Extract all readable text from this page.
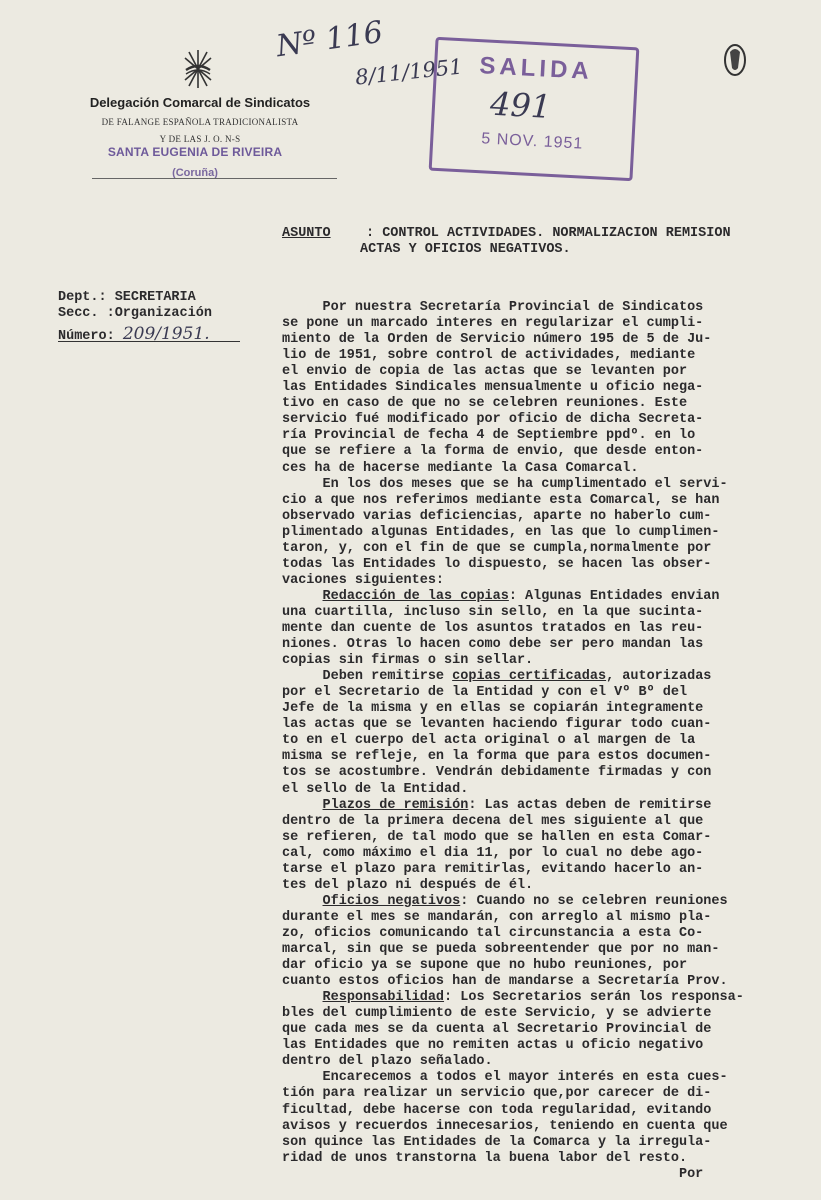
Delegación Comarcal de Sindicatos
DE FALANGE ESPAÑOLA TRADICIONALISTA
Y DE LAS J. O. N-S
SANTA EUGENIA DE RIVEIRA
(Coruña)
Nº 116
8/11/1951 SALIDA
491
5 NOV. 1951
ASUNTO	: CONTROL ACTIVIDADES. NORMALIZACION REMISION
ACTAS Y OFICIOS NEGATIVOS.
Dept.: SECRETARIA
Secc. :Organización
Número: 209/1951.
Por nuestra Secretaría Provincial de Sindicatos
se pone un marcado interes en regularizar el cumpli-
miento de la Orden de Servicio número 195 de 5 de Ju-
lio de 1951, sobre control de actividades, mediante
el envio de copia de las actas que se levanten por
las Entidades Sindicales mensualmente u oficio nega-
tivo en caso de que no se celebren reuniones. Este
servicio fué modificado por oficio de dicha Secreta-
ría Provincial de fecha 4 de Septiembre ppdº. en lo
que se refiere a la forma de envio, que desde enton-
ces ha de hacerse mediante la Casa Comarcal.
En los dos meses que se ha cumplimentado el servi-
cio a que nos referimos mediante esta Comarcal, se han
observado varias deficiencias, aparte no haberlo cum-
plimentado algunas Entidades, en las que lo cumplimen-
taron, y, con el fin de que se cumpla,normalmente por
todas las Entidades lo dispuesto, se hacen las obser-
vaciones siguientes:
Redacción de las copias: Algunas Entidades envian
una cuartilla, incluso sin sello, en la que sucinta-
mente dan cuente de los asuntos tratados en las reu-
niones. Otras lo hacen como debe ser pero mandan las
copias sin firmas o sin sellar.
Deben remitirse copias certificadas, autorizadas
por el Secretario de la Entidad y con el Vº Bº del
Jefe de la misma y en ellas se copiarán integramente
las actas que se levanten haciendo figurar todo cuan-
to en el cuerpo del acta original o al margen de la
misma se refleje, en la forma que para estos documen-
tos se acostumbre. Vendrán debidamente firmadas y con
el sello de la Entidad.
Plazos de remisión: Las actas deben de remitirse
dentro de la primera decena del mes siguiente al que
se refieren, de tal modo que se hallen en esta Comar-
cal, como máximo el dia 11, por lo cual no debe ago-
tarse el plazo para remitirlas, evitando hacerlo an-
tes del plazo ni después de él.
Oficios negativos: Cuando no se celebren reuniones
durante el mes se mandarán, con arreglo al mismo pla-
zo, oficios comunicando tal circunstancia a esta Co-
marcal, sin que se pueda sobreentender que por no man-
dar oficio ya se supone que no hubo reuniones, por
cuanto estos oficios han de mandarse a Secretaría Prov.
Responsabilidad: Los Secretarios serán los responsa-
bles del cumplimiento de este Servicio, y se advierte
que cada mes se da cuenta al Secretario Provincial de
las Entidades que no remiten actas u oficio negativo
dentro del plazo señalado.
Encarecemos a todos el mayor interés en esta cues-
tión para realizar un servicio que,por carecer de di-
ficultad, debe hacerse con toda regularidad, evitando
avisos y recuerdos innecesarios, teniendo en cuenta que
son quince las Entidades de la Comarca y la irregula-
ridad de unos transtorna la buena labor del resto.
Por
